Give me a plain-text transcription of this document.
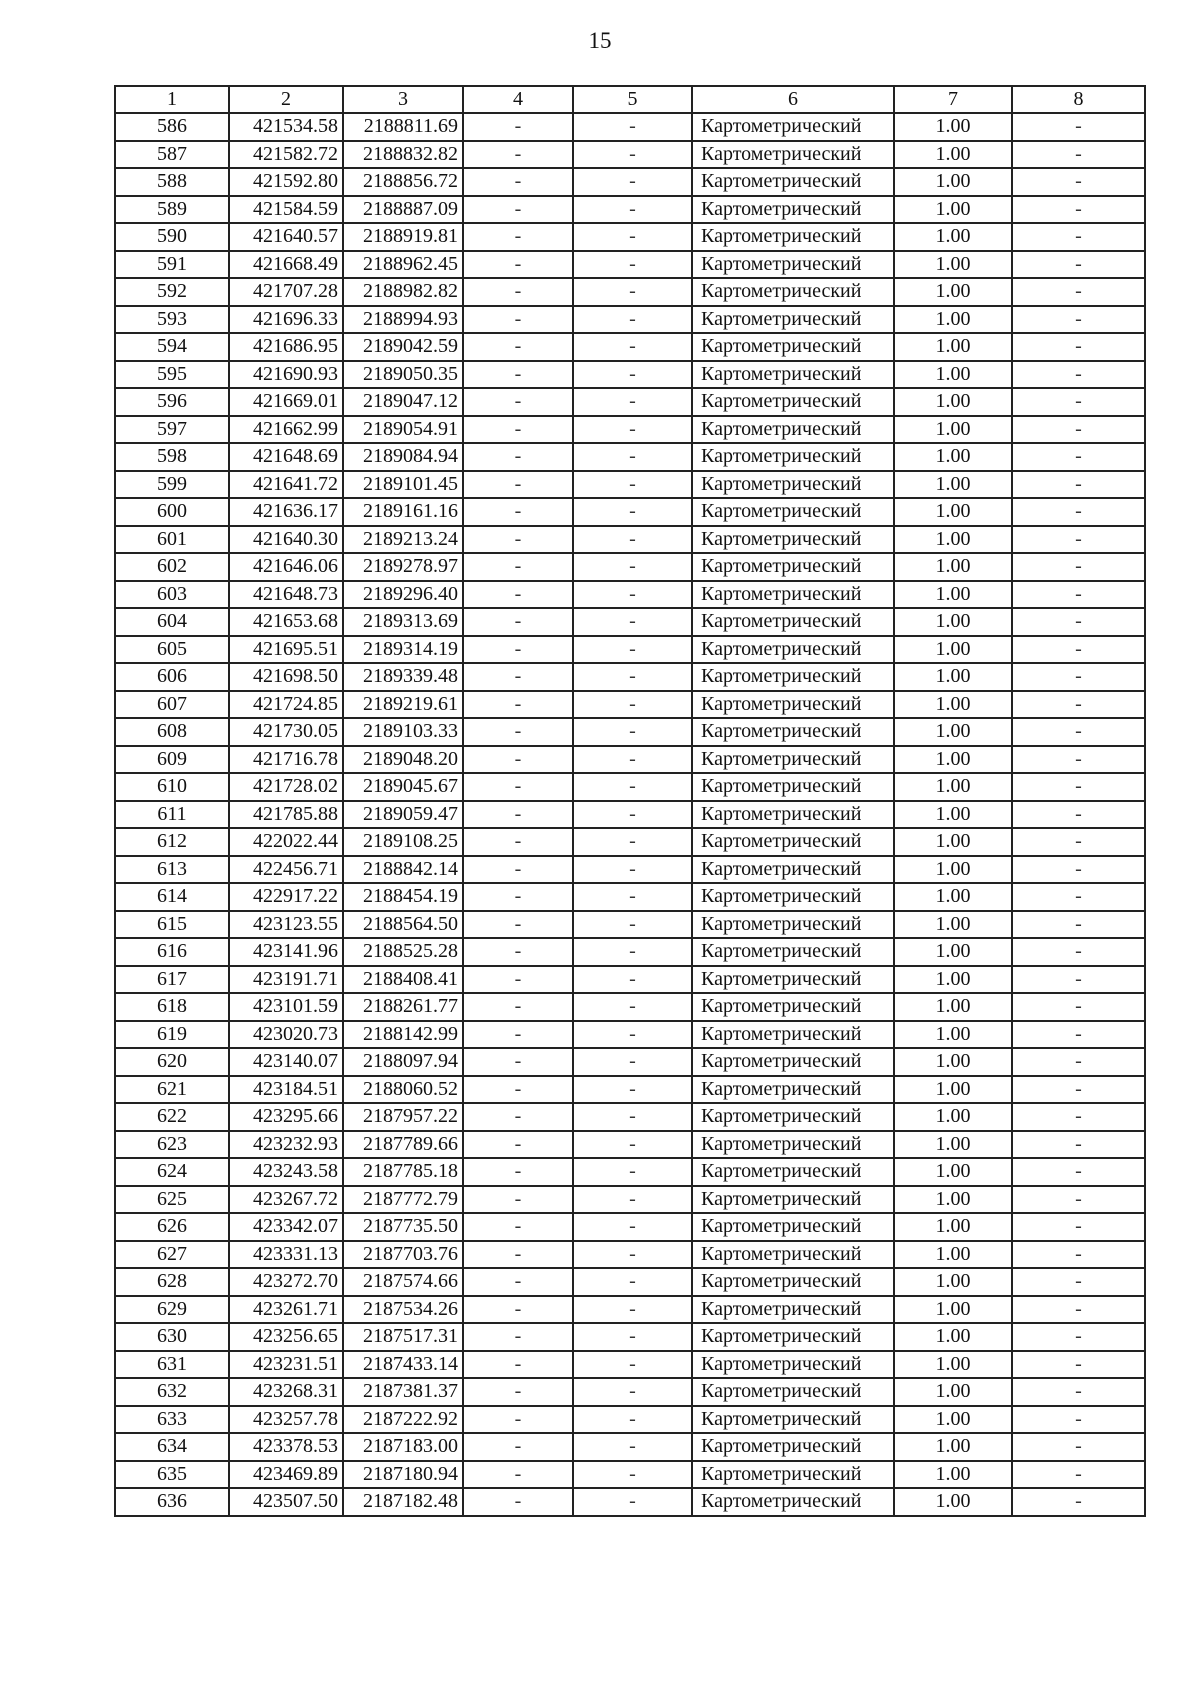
15
1	2	3	4	5	6	7	8
586	421534.58	2188811.69	-	-	Картометрический	1.00	-
587	421582.72	2188832.82	-	-	Картометрический	1.00	-
588	421592.80	2188856.72	-	-	Картометрический	1.00	-
589	421584.59	2188887.09	-	-	Картометрический	1.00	-
590	421640.57	2188919.81	-	-	Картометрический	1.00	-
591	421668.49	2188962.45	-	-	Картометрический	1.00	-
592	421707.28	2188982.82	-	-	Картометрический	1.00	-
593	421696.33	2188994.93	-	-	Картометрический	1.00	-
594	421686.95	2189042.59	-	-	Картометрический	1.00	-
595	421690.93	2189050.35	-	-	Картометрический	1.00	-
596	421669.01	2189047.12	-	-	Картометрический	1.00	-
597	421662.99	2189054.91	-	-	Картометрический	1.00	-
598	421648.69	2189084.94	-	-	Картометрический	1.00	-
599	421641.72	2189101.45	-	-	Картометрический	1.00	-
600	421636.17	2189161.16	-	-	Картометрический	1.00	-
601	421640.30	2189213.24	-	-	Картометрический	1.00	-
602	421646.06	2189278.97	-	-	Картометрический	1.00	-
603	421648.73	2189296.40	-	-	Картометрический	1.00	-
604	421653.68	2189313.69	-	-	Картометрический	1.00	-
605	421695.51	2189314.19	-	-	Картометрический	1.00	-
606	421698.50	2189339.48	-	-	Картометрический	1.00	-
607	421724.85	2189219.61	-	-	Картометрический	1.00	-
608	421730.05	2189103.33	-	-	Картометрический	1.00	-
609	421716.78	2189048.20	-	-	Картометрический	1.00	-
610	421728.02	2189045.67	-	-	Картометрический	1.00	-
611	421785.88	2189059.47	-	-	Картометрический	1.00	-
612	422022.44	2189108.25	-	-	Картометрический	1.00	-
613	422456.71	2188842.14	-	-	Картометрический	1.00	-
614	422917.22	2188454.19	-	-	Картометрический	1.00	-
615	423123.55	2188564.50	-	-	Картометрический	1.00	-
616	423141.96	2188525.28	-	-	Картометрический	1.00	-
617	423191.71	2188408.41	-	-	Картометрический	1.00	-
618	423101.59	2188261.77	-	-	Картометрический	1.00	-
619	423020.73	2188142.99	-	-	Картометрический	1.00	-
620	423140.07	2188097.94	-	-	Картометрический	1.00	-
621	423184.51	2188060.52	-	-	Картометрический	1.00	-
622	423295.66	2187957.22	-	-	Картометрический	1.00	-
623	423232.93	2187789.66	-	-	Картометрический	1.00	-
624	423243.58	2187785.18	-	-	Картометрический	1.00	-
625	423267.72	2187772.79	-	-	Картометрический	1.00	-
626	423342.07	2187735.50	-	-	Картометрический	1.00	-
627	423331.13	2187703.76	-	-	Картометрический	1.00	-
628	423272.70	2187574.66	-	-	Картометрический	1.00	-
629	423261.71	2187534.26	-	-	Картометрический	1.00	-
630	423256.65	2187517.31	-	-	Картометрический	1.00	-
631	423231.51	2187433.14	-	-	Картометрический	1.00	-
632	423268.31	2187381.37	-	-	Картометрический	1.00	-
633	423257.78	2187222.92	-	-	Картометрический	1.00	-
634	423378.53	2187183.00	-	-	Картометрический	1.00	-
635	423469.89	2187180.94	-	-	Картометрический	1.00	-
636	423507.50	2187182.48	-	-	Картометрический	1.00	-
